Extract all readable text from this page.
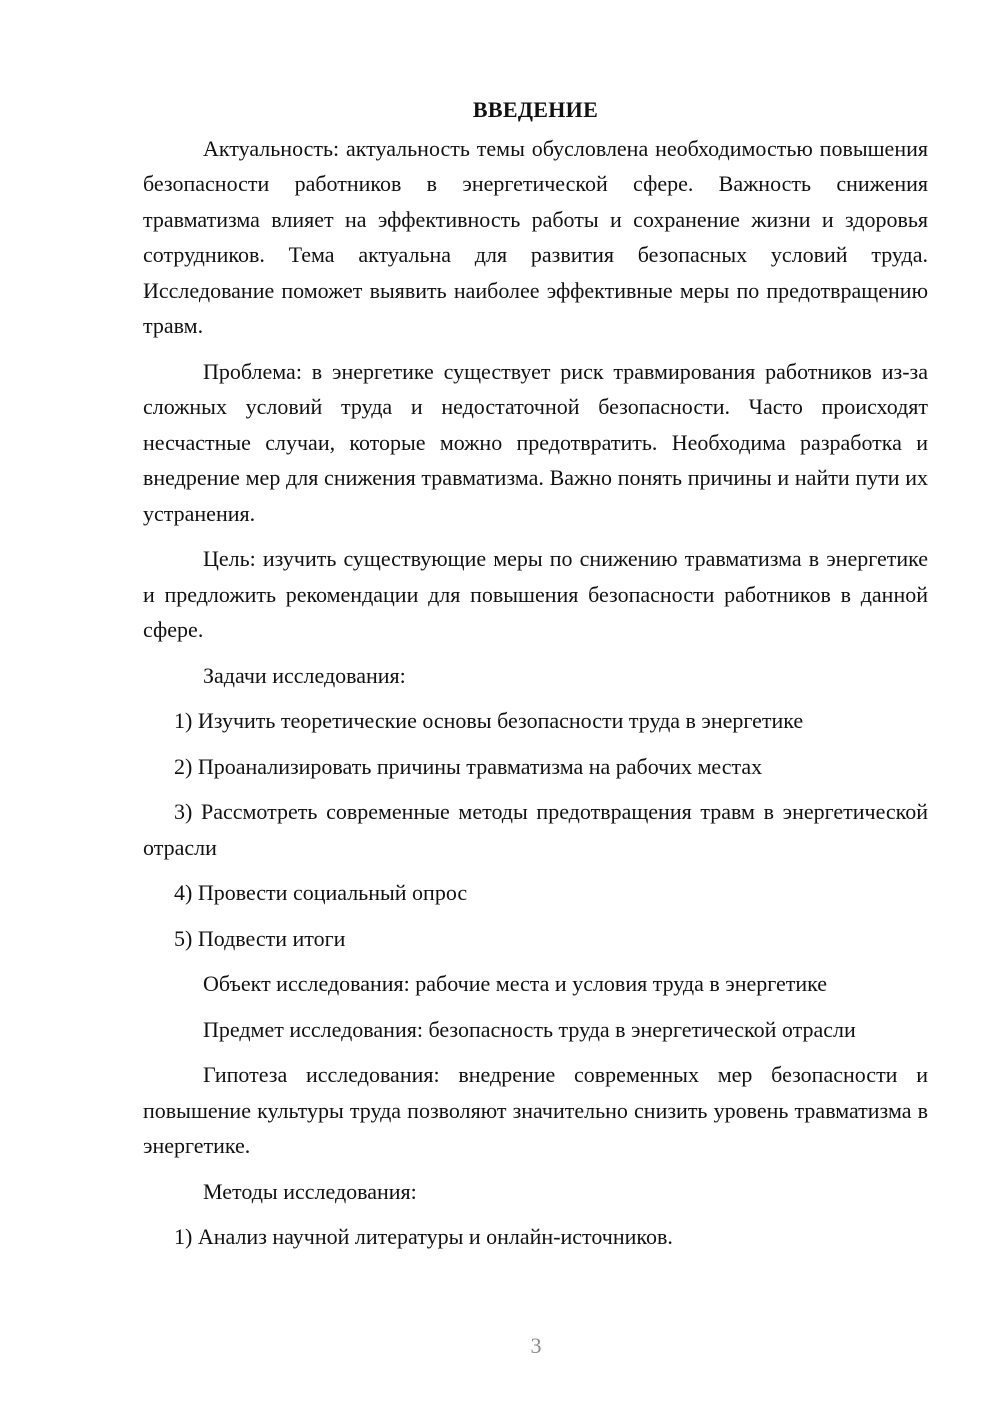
ВВЕДЕНИЕ

Актуальность: актуальность темы обусловлена необходимостью повышения безопасности работников в энергетической сфере. Важность снижения травматизма влияет на эффективность работы и сохранение жизни и здоровья сотрудников. Тема актуальна для развития безопасных условий труда. Исследование поможет выявить наиболее эффективные меры по предотвращению травм.

Проблема: в энергетике существует риск травмирования работников из-за сложных условий труда и недостаточной безопасности. Часто происходят несчастные случаи, которые можно предотвратить. Необходима разработка и внедрение мер для снижения травматизма. Важно понять причины и найти пути их устранения.

Цель: изучить существующие меры по снижению травматизма в энергетике и предложить рекомендации для повышения безопасности работников в данной сфере.

Задачи исследования:

1) Изучить теоретические основы безопасности труда в энергетике

2) Проанализировать причины травматизма на рабочих местах

3) Рассмотреть современные методы предотвращения травм в энергетической отрасли

4) Провести социальный опрос

5) Подвести итоги

Объект исследования: рабочие места и условия труда в энергетике

Предмет исследования: безопасность труда в энергетической отрасли

Гипотеза исследования: внедрение современных мер безопасности и повышение культуры труда позволяют значительно снизить уровень травматизма в энергетике.

Методы исследования:

1) Анализ научной литературы и онлайн-источников.

3
